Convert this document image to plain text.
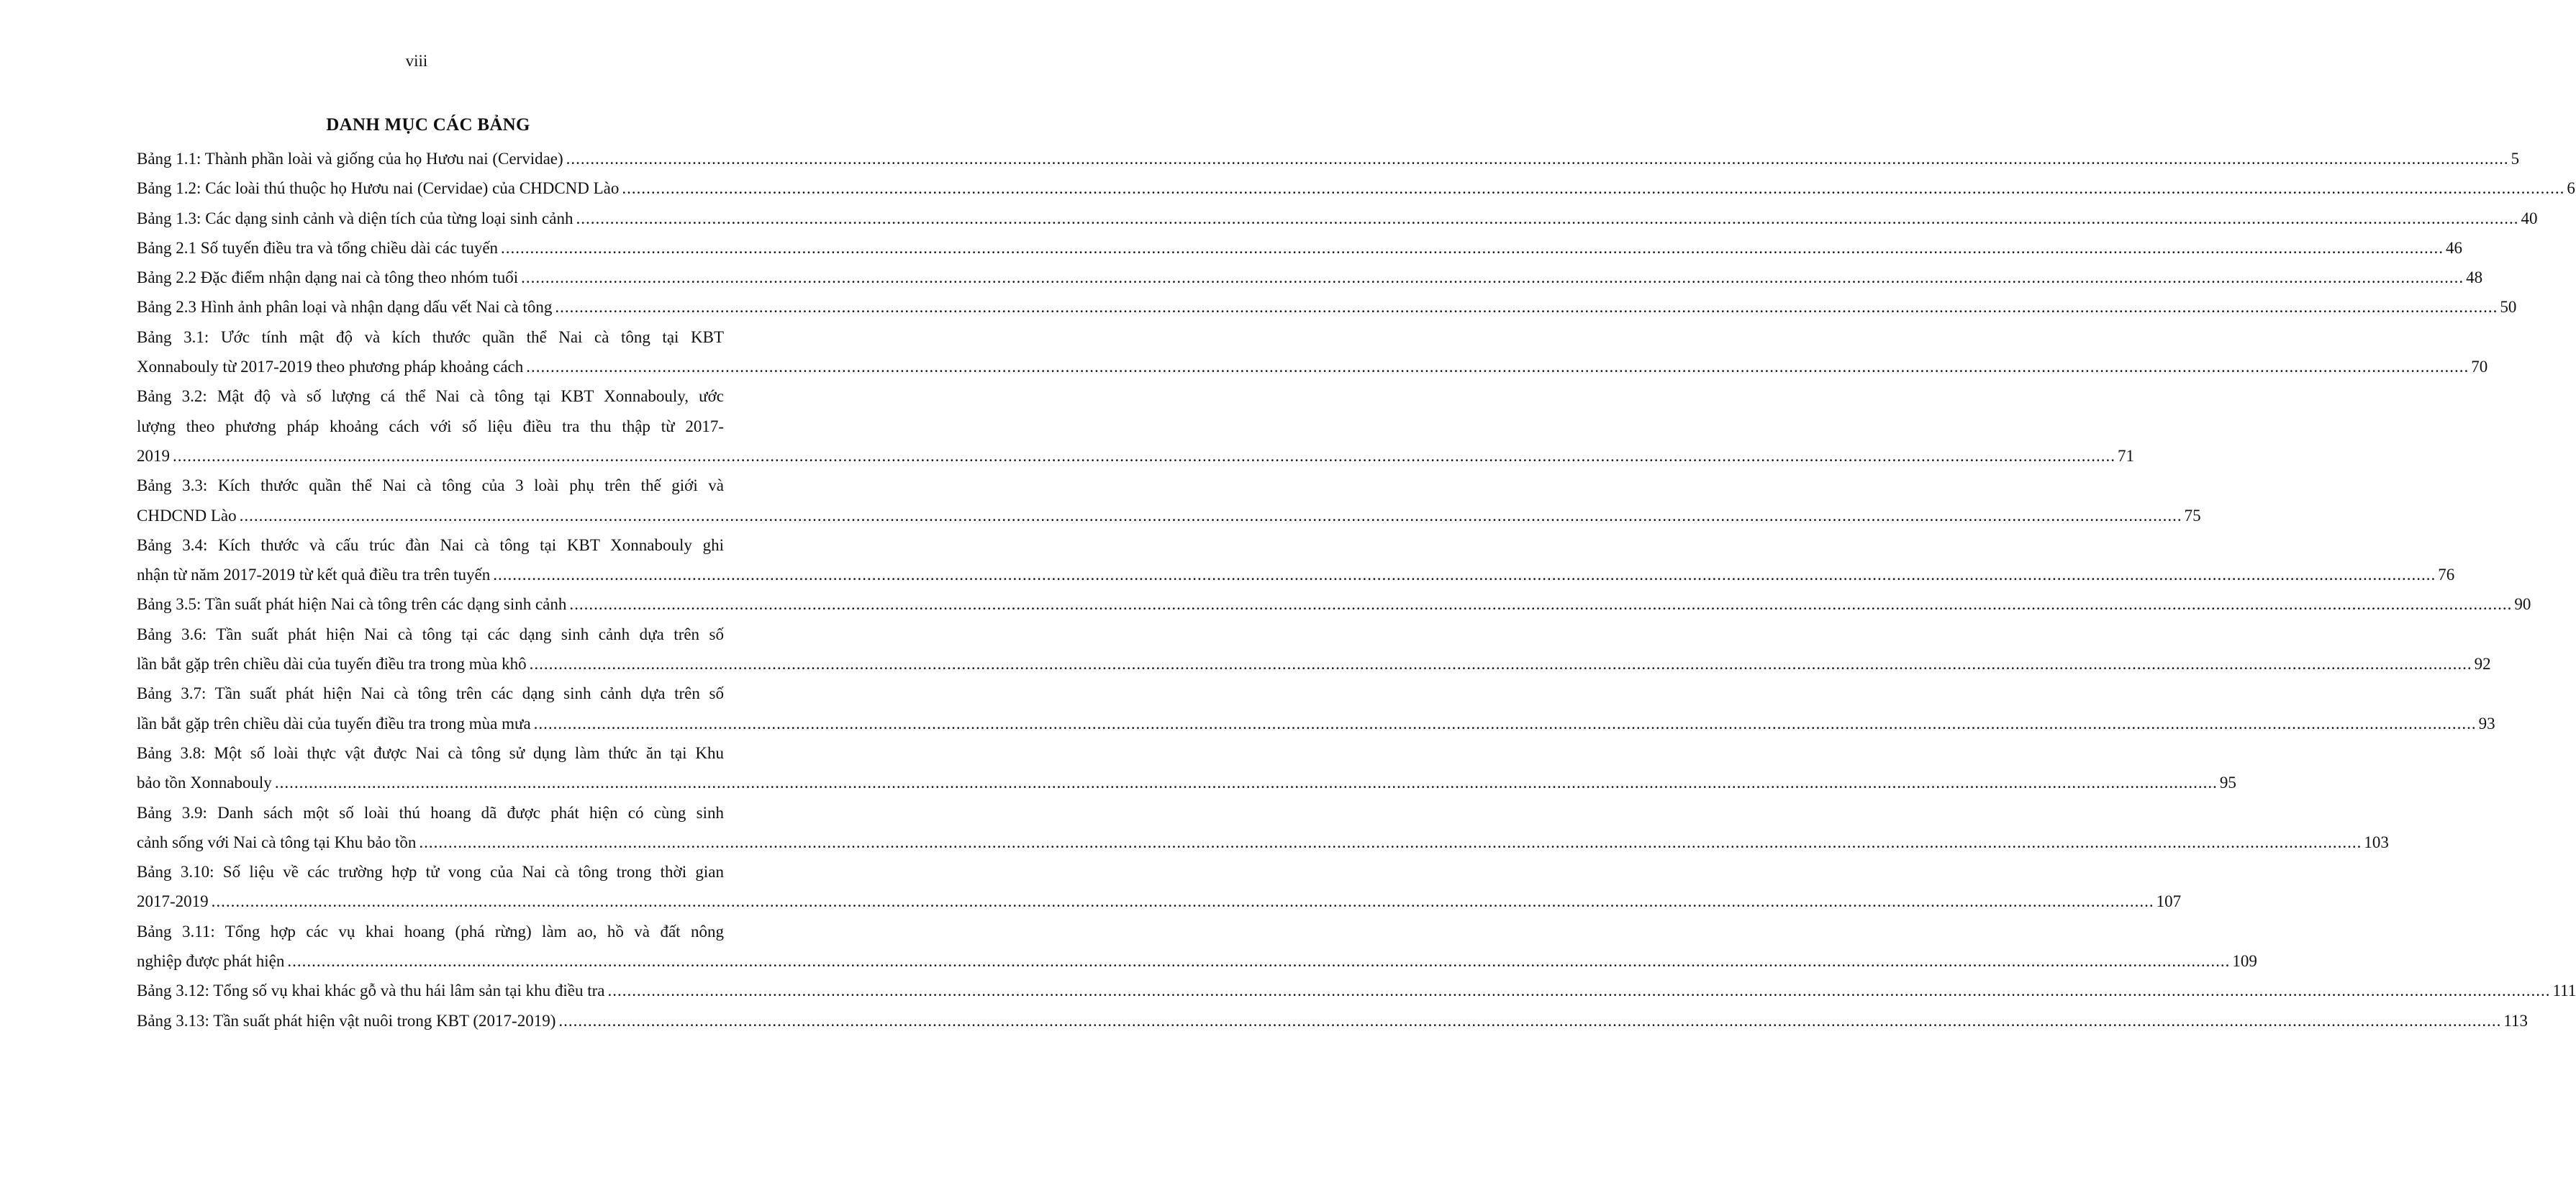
viii
DANH MỤC CÁC BẢNG
Bảng 1.1: Thành phần loài và giống của họ Hươu nai (Cervidae) ................................................................................................................................................................................................................................................................................................................................................................................................................ 5
Bảng 1.2: Các loài thú thuộc họ Hươu nai (Cervidae) của CHDCND Lào ................................................................................................................................................................................................................................................................................................................................................................................................................ 6
Bảng 1.3: Các dạng sinh cảnh và diện tích của từng loại sinh cảnh ................................................................................................................................................................................................................................................................................................................................................................................................................ 40
Bảng 2.1 Số tuyến điều tra và tổng chiều dài các tuyến ................................................................................................................................................................................................................................................................................................................................................................................................................ 46
Bảng 2.2 Đặc điểm nhận dạng nai cà tông theo nhóm tuổi ................................................................................................................................................................................................................................................................................................................................................................................................................ 48
Bảng 2.3 Hình ảnh phân loại và nhận dạng dấu vết Nai cà tông ................................................................................................................................................................................................................................................................................................................................................................................................................ 50
Bảng 3.1: Ước tính mật độ và kích thước quần thể Nai cà tông tại KBT
Xonnabouly từ 2017-2019 theo phương pháp khoảng cách ................................................................................................................................................................................................................................................................................................................................................................................................................ 70
Bảng 3.2: Mật độ và số lượng cá thể Nai cà tông tại KBT Xonnabouly, ước
lượng theo phương pháp khoảng cách với số liệu điều tra thu thập từ 2017-
2019 ................................................................................................................................................................................................................................................................................................................................................................................................................ 71
Bảng 3.3: Kích thước quần thể Nai cà tông của 3 loài phụ trên thế giới và
CHDCND Lào ................................................................................................................................................................................................................................................................................................................................................................................................................ 75
Bảng 3.4: Kích thước và cấu trúc đàn Nai cà tông tại KBT Xonnabouly ghi
nhận từ năm 2017-2019 từ kết quả điều tra trên tuyến ................................................................................................................................................................................................................................................................................................................................................................................................................ 76
Bảng 3.5: Tần suất phát hiện Nai cà tông trên các dạng sinh cảnh ................................................................................................................................................................................................................................................................................................................................................................................................................ 90
Bảng 3.6: Tần suất phát hiện Nai cà tông tại các dạng sinh cảnh dựa trên số
lần bắt gặp trên chiều dài của tuyến điều tra trong mùa khô ................................................................................................................................................................................................................................................................................................................................................................................................................ 92
Bảng 3.7: Tần suất phát hiện Nai cà tông trên các dạng sinh cảnh dựa trên số
lần bắt gặp trên chiều dài của tuyến điều tra trong mùa mưa ................................................................................................................................................................................................................................................................................................................................................................................................................ 93
Bảng 3.8: Một số loài thực vật được Nai cà tông sử dụng làm thức ăn tại Khu
bảo tồn Xonnabouly ................................................................................................................................................................................................................................................................................................................................................................................................................ 95
Bảng 3.9: Danh sách một số loài thú hoang dã được phát hiện có cùng sinh
cảnh sống với Nai cà tông tại Khu bảo tồn ................................................................................................................................................................................................................................................................................................................................................................................................................ 103
Bảng 3.10: Số liệu về các trường hợp tử vong của Nai cà tông trong thời gian
2017-2019 ................................................................................................................................................................................................................................................................................................................................................................................................................ 107
Bảng 3.11: Tổng hợp các vụ khai hoang (phá rừng) làm ao, hồ và đất nông
nghiệp được phát hiện ................................................................................................................................................................................................................................................................................................................................................................................................................ 109
Bảng 3.12: Tổng số vụ khai khác gỗ và thu hái lâm sản tại khu điều tra ................................................................................................................................................................................................................................................................................................................................................................................................................ 111
Bảng 3.13: Tần suất phát hiện vật nuôi trong KBT (2017-2019) ................................................................................................................................................................................................................................................................................................................................................................................................................ 113
